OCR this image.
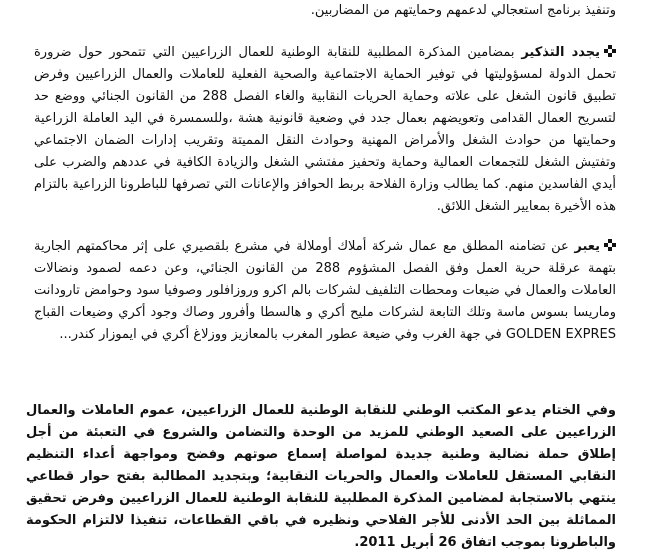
وتنفيذ برنامج استعجالي لدعمهم وحمايتهم من المضاربين.

يجدد التذكير بمضامين المذكرة المطلبية للنقابة الوطنية للعمال الزراعيين التي تتمحور حول ضرورة تحمل الدولة لمسؤوليتها في توفير الحماية الاجتماعية والصحية الفعلية للعاملات والعمال الزراعيين وفرض تطبيق قانون الشغل على علاته وحماية الحريات النقابية والغاء الفصل 288 من القانون الجنائي ووضع حد لتسريح العمال القدامى وتعويضهم بعمال جدد في وضعية قانونية هشة ،وللسمسرة في اليد العاملة الزراعية وحمايتها من حوادث الشغل والأمراض المهنية وحوادث النقل المميتة وتقريب إدارات الضمان الاجتماعي وتفتيش الشغل للتجمعات العمالية وحماية وتحفيز مفتشي الشغل والزيادة الكافية في عددهم والضرب على أيدي الفاسدين منهم. كما يطالب وزارة الفلاحة بربط الحوافز والإعانات التي تصرفها للباطرونا الزراعية بالتزام هذه الأخيرة بمعايير الشغل اللائق.

يعبر عن تضامنه المطلق مع عمال شركة أملاك أوملالة في مشرع بلقصيري على إثر محاكمتهم الجارية بتهمة عرقلة حرية العمل وفق الفصل المشؤوم 288 من القانون الجنائي، وعن دعمه لصمود ونضالات العاملات والعمال في ضيعات ومحطات التلفيف لشركات بالم اكرو وروزافلور وصوفيا سود وحوامض تارودانت وماريسا بسوس ماسة وتلك التابعة لشركات مليح أكري و هالسطا وأفرور وصاك وجود أكري وضيعات القباج GOLDEN EXPRES في جهة الغرب وفي ضيعة عطور المغرب بالمعازيز ووزلاغ أكري في ايموزار كندر...

وفي الختام يدعو المكتب الوطني للنقابة الوطنية للعمال الزراعيين، عموم العاملات والعمال الزراعيين على الصعيد الوطني للمزيد من الوحدة والتضامن والشروع في التعبئة من أجل إطلاق حملة نضالية وطنية جديدة لمواصلة إسماع صوتهم وفضح ومواجهة أعداء التنظيم النقابي المستقل للعاملات والعمال والحريات النقابية؛ وبتجديد المطالبة بفتح حوار قطاعي ينتهي بالاستجابة لمضامين المذكرة المطلبية للنقابة الوطنية للعمال الزراعيين وفرض تحقيق المماثلة بين الحد الأدنى للأجر الفلاحي ونظيره في باقي القطاعات، تنفيذا لالتزام الحكومة والباطرونا بموجب اتفاق 26 أبريل 2011.
